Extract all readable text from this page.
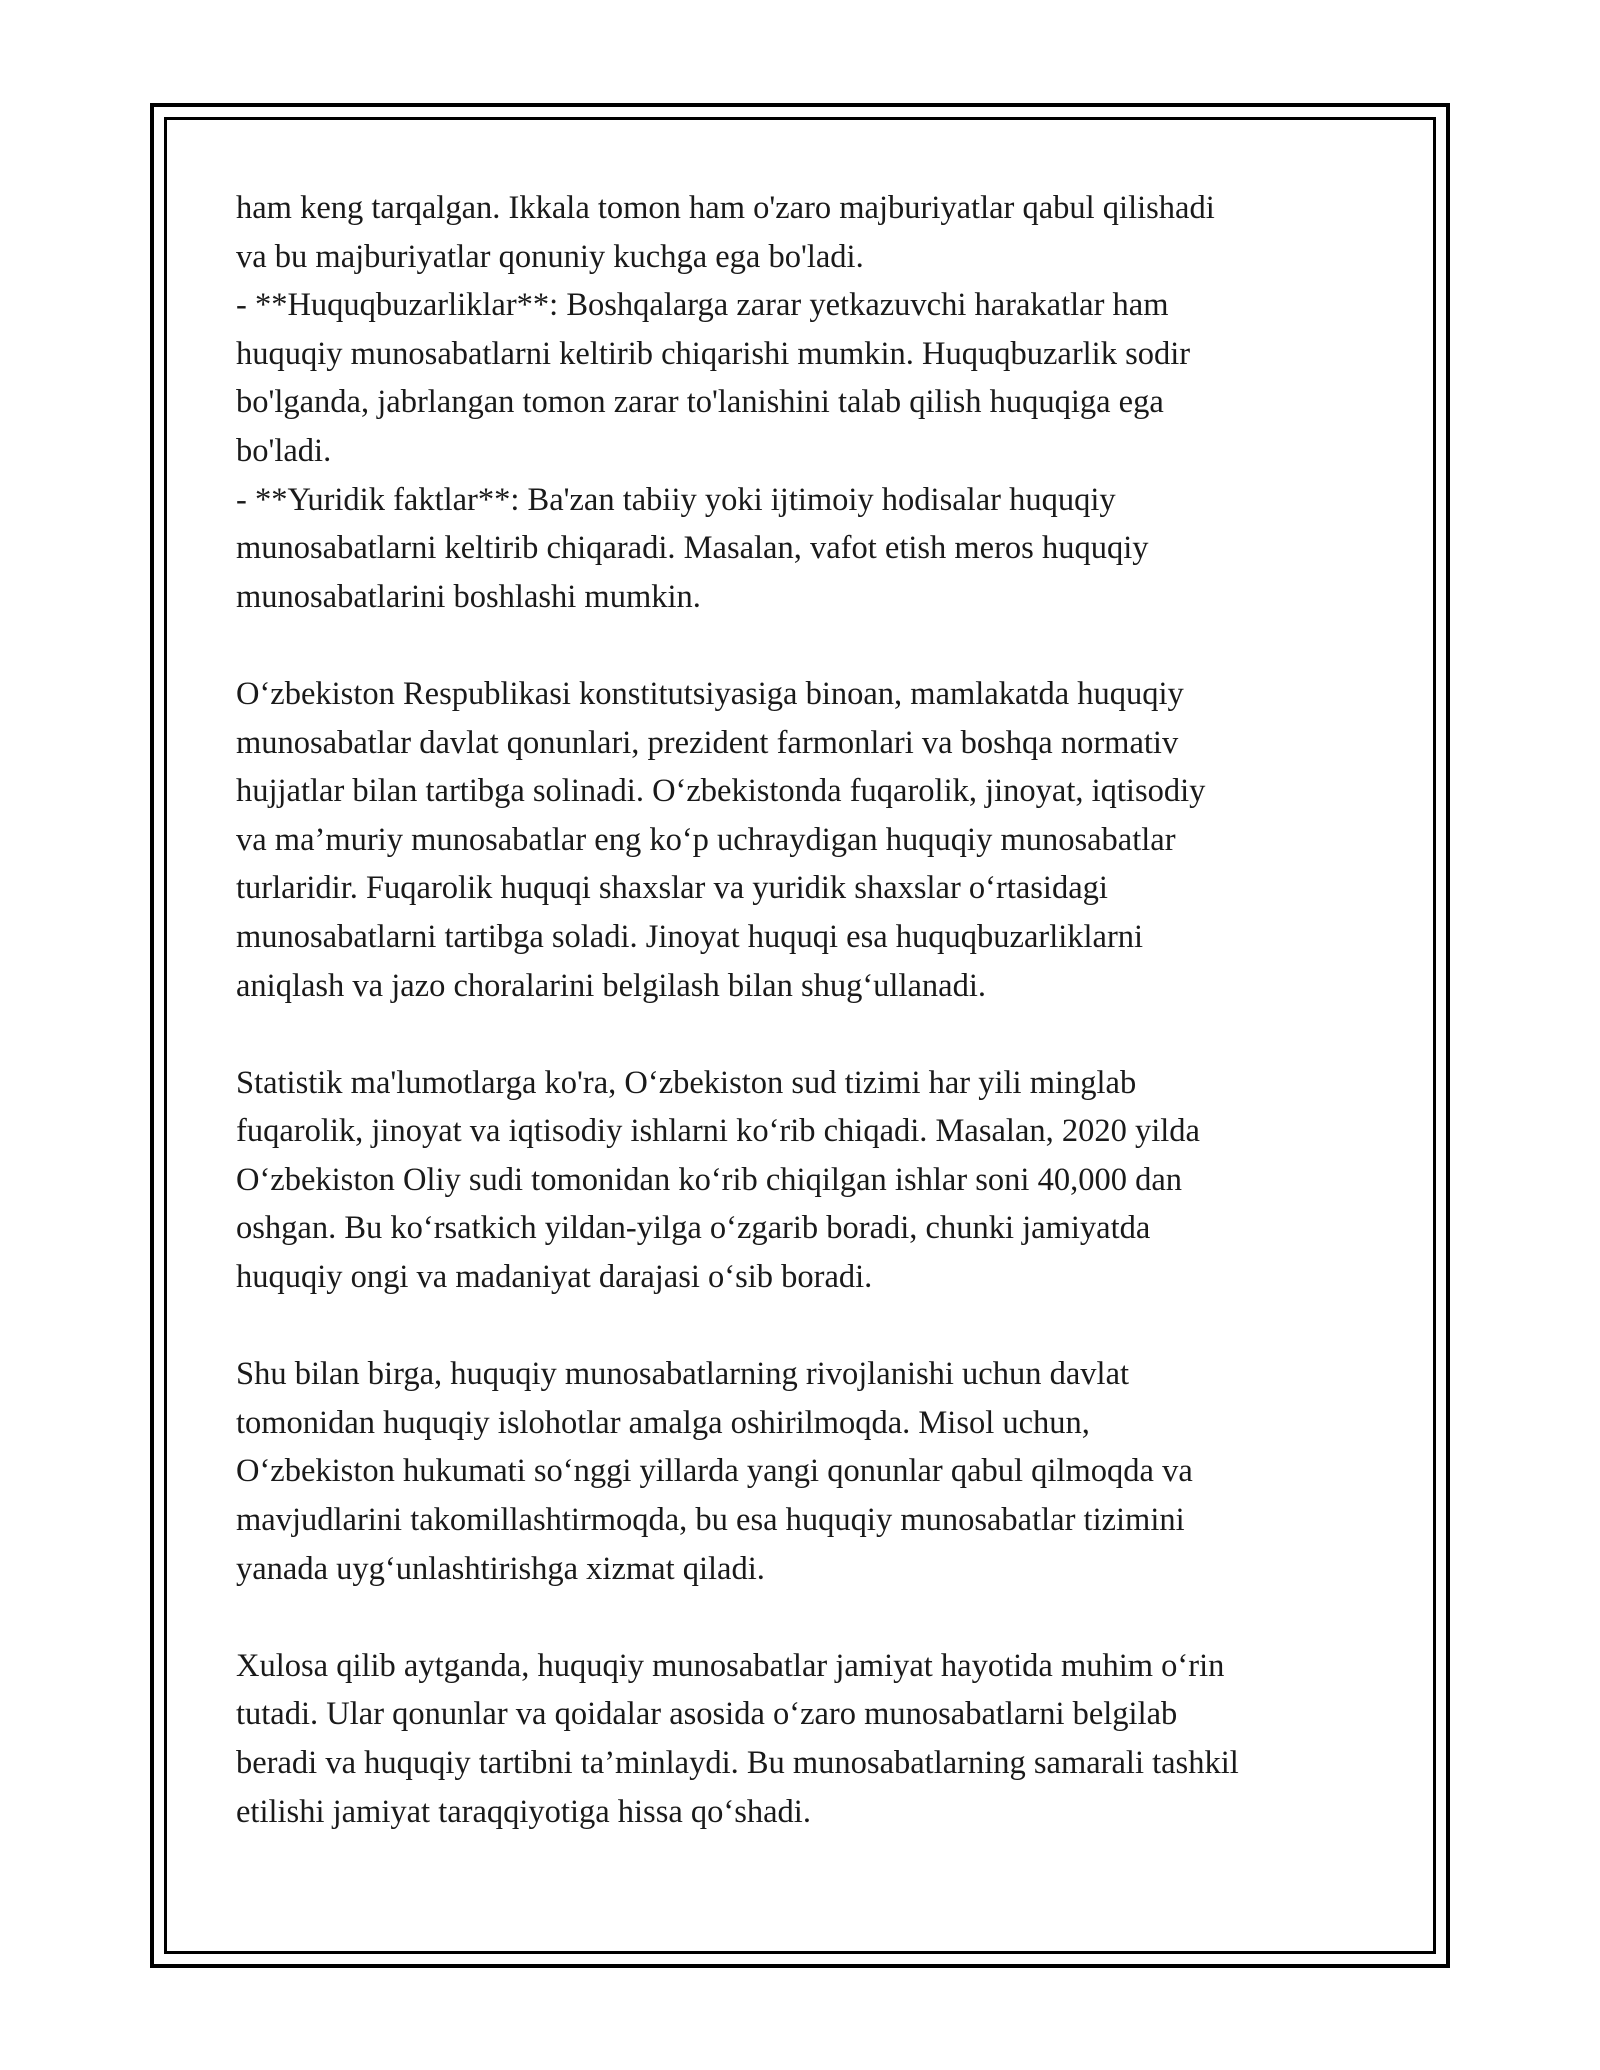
ham keng tarqalgan. Ikkala tomon ham o'zaro majburiyatlar qabul qilishadi
va bu majburiyatlar qonuniy kuchga ega bo'ladi.
- **Huquqbuzarliklar**: Boshqalarga zarar yetkazuvchi harakatlar ham
huquqiy munosabatlarni keltirib chiqarishi mumkin. Huquqbuzarlik sodir
bo'lganda, jabrlangan tomon zarar to'lanishini talab qilish huquqiga ega
bo'ladi.
- **Yuridik faktlar**: Ba'zan tabiiy yoki ijtimoiy hodisalar huquqiy
munosabatlarni keltirib chiqaradi. Masalan, vafot etish meros huquqiy
munosabatlarini boshlashi mumkin.
O‘zbekiston Respublikasi konstitutsiyasiga binoan, mamlakatda huquqiy
munosabatlar davlat qonunlari, prezident farmonlari va boshqa normativ
hujjatlar bilan tartibga solinadi. O‘zbekistonda fuqarolik, jinoyat, iqtisodiy
va ma’muriy munosabatlar eng ko‘p uchraydigan huquqiy munosabatlar
turlaridir. Fuqarolik huquqi shaxslar va yuridik shaxslar o‘rtasidagi
munosabatlarni tartibga soladi. Jinoyat huquqi esa huquqbuzarliklarni
aniqlash va jazo choralarini belgilash bilan shug‘ullanadi.
Statistik ma'lumotlarga ko'ra, O‘zbekiston sud tizimi har yili minglab
fuqarolik, jinoyat va iqtisodiy ishlarni ko‘rib chiqadi. Masalan, 2020 yilda
O‘zbekiston Oliy sudi tomonidan ko‘rib chiqilgan ishlar soni 40,000 dan
oshgan. Bu ko‘rsatkich yildan-yilga o‘zgarib boradi, chunki jamiyatda
huquqiy ongi va madaniyat darajasi o‘sib boradi.
Shu bilan birga, huquqiy munosabatlarning rivojlanishi uchun davlat
tomonidan huquqiy islohotlar amalga oshirilmoqda. Misol uchun,
O‘zbekiston hukumati so‘nggi yillarda yangi qonunlar qabul qilmoqda va
mavjudlarini takomillashtirmoqda, bu esa huquqiy munosabatlar tizimini
yanada uyg‘unlashtirishga xizmat qiladi.
Xulosa qilib aytganda, huquqiy munosabatlar jamiyat hayotida muhim o‘rin
tutadi. Ular qonunlar va qoidalar asosida o‘zaro munosabatlarni belgilab
beradi va huquqiy tartibni ta’minlaydi. Bu munosabatlarning samarali tashkil
etilishi jamiyat taraqqiyotiga hissa qo‘shadi.
